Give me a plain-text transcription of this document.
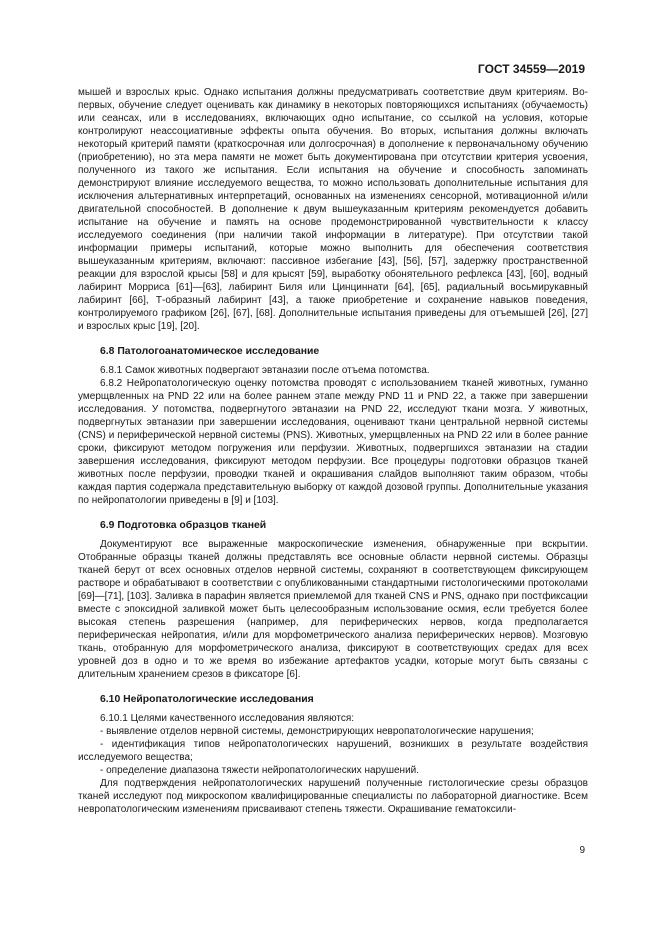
ГОСТ 34559—2019

мышей и взрослых крыс. Однако испытания должны предусматривать соответствие двум критериям. Во-первых, обучение следует оценивать как динамику в некоторых повторяющихся испытаниях (обучаемость) или сеансах, или в исследованиях, включающих одно испытание, со ссылкой на условия, которые контролируют неассоциативные эффекты опыта обучения. Во вторых, испытания должны включать некоторый критерий памяти (краткосрочная или долгосрочная) в дополнение к первоначальному обучению (приобретению), но эта мера памяти не может быть документирована при отсутствии критерия усвоения, полученного из такого же испытания. Если испытания на обучение и способность запоминать демонстрируют влияние исследуемого вещества, то можно использовать дополнительные испытания для исключения альтернативных интерпретаций, основанных на изменениях сенсорной, мотивационной и/или двигательной способностей. В дополнение к двум вышеуказанным критериям рекомендуется добавить испытание на обучение и память на основе продемонстрированной чувствительности к классу исследуемого соединения (при наличии такой информации в литературе). При отсутствии такой информации примеры испытаний, которые можно выполнить для обеспечения соответствия вышеуказанным критериям, включают: пассивное избегание [43], [56], [57], задержку пространственной реакции для взрослой крысы [58] и для крысят [59], выработку обонятельного рефлекса [43], [60], водный лабиринт Морриса [61]—[63], лабиринт Биля или Цинциннати [64], [65], радиальный восьмирукавный лабиринт [66], Т-образный лабиринт [43], а также приобретение и сохранение навыков поведения, контролируемого графиком [26], [67], [68]. Дополнительные испытания приведены для отъемышей [26], [27] и взрослых крыс [19], [20].

6.8 Патологоанатомическое исследование

6.8.1 Самок животных подвергают эвтаназии после отъема потомства.

6.8.2 Нейропатологическую оценку потомства проводят с использованием тканей животных, гуманно умерщвленных на PND 22 или на более раннем этапе между PND 11 и PND 22, а также при завершении исследования. У потомства, подвергнутого эвтаназии на PND 22, исследуют ткани мозга. У животных, подвергнутых эвтаназии при завершении исследования, оценивают ткани центральной нервной системы (CNS) и периферической нервной системы (PNS). Животных, умерщвленных на PND 22 или в более ранние сроки, фиксируют методом погружения или перфузии. Животных, подвергшихся эвтаназии на стадии завершения исследования, фиксируют методом перфузии. Все процедуры подготовки образцов тканей животных после перфузии, проводки тканей и окрашивания слайдов выполняют таким образом, чтобы каждая партия содержала представительную выборку от каждой дозовой группы. Дополнительные указания по нейропатологии приведены в [9] и [103].

6.9 Подготовка образцов тканей

Документируют все выраженные макроскопические изменения, обнаруженные при вскрытии. Отобранные образцы тканей должны представлять все основные области нервной системы. Образцы тканей берут от всех основных отделов нервной системы, сохраняют в соответствующем фиксирующем растворе и обрабатывают в соответствии с опубликованными стандартными гистологическими протоколами [69]—[71], [103]. Заливка в парафин является приемлемой для тканей CNS и PNS, однако при постфиксации вместе с эпоксидной заливкой может быть целесообразным использование осмия, если требуется более высокая степень разрешения (например, для периферических нервов, когда предполагается периферическая нейропатия, и/или для морфометрического анализа периферических нервов). Мозговую ткань, отобранную для морфометрического анализа, фиксируют в соответствующих средах для всех уровней доз в одно и то же время во избежание артефактов усадки, которые могут быть связаны с длительным хранением срезов в фиксаторе [6].

6.10 Нейропатологические исследования

6.10.1 Целями качественного исследования являются:

- выявление отделов нервной системы, демонстрирующих невропатологические нарушения;

- идентификация типов нейропатологических нарушений, возникших в результате воздействия исследуемого вещества;

- определение диапазона тяжести нейропатологических нарушений.

Для подтверждения нейропатологических нарушений полученные гистологические срезы образцов тканей исследуют под микроскопом квалифицированные специалисты по лабораторной диагностике. Всем невропатологическим изменениям присваивают степень тяжести. Окрашивание гематоксили-

9
